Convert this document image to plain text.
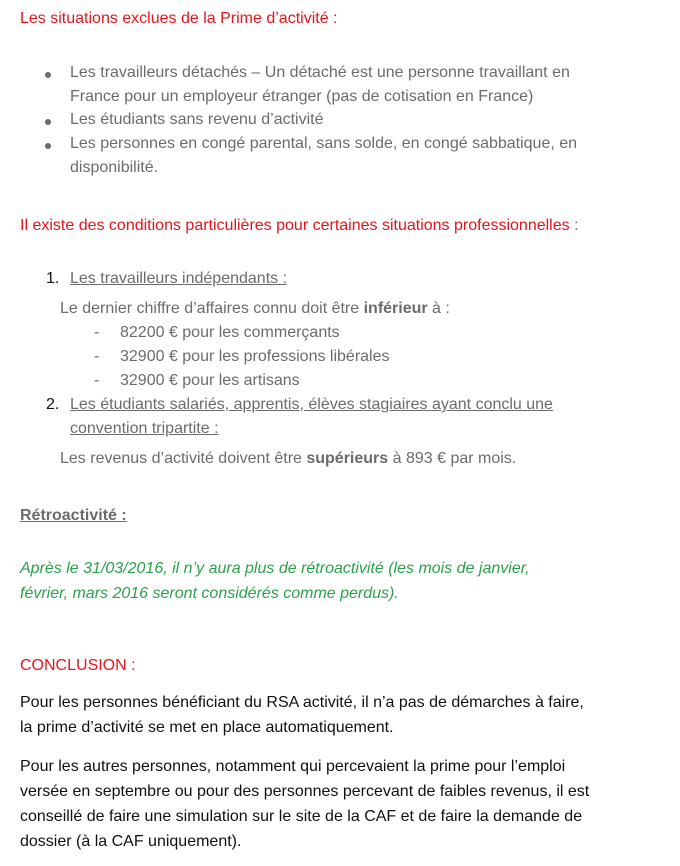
Les situations exclues de la Prime d’activité :
Les travailleurs détachés – Un détaché est une personne travaillant en
France pour un employeur étranger (pas de cotisation en France)
Les étudiants sans revenu d’activité
Les personnes en congé parental, sans solde, en congé sabbatique, en
disponibilité.
Il existe des conditions particulières pour certaines situations professionnelles :
1. Les travailleurs indépendants :
Le dernier chiffre d’affaires connu doit être inférieur à :
- 82200 € pour les commerçants
- 32900 € pour les professions libérales
- 32900 € pour les artisans
2. Les étudiants salariés, apprentis, élèves stagiaires ayant conclu une
convention tripartite :
Les revenus d’activité doivent être supérieurs à 893 € par mois.
Rétroactivité :
Après le 31/03/2016, il n’y aura plus de rétroactivité (les mois de janvier,
février, mars 2016 seront considérés comme perdus).
CONCLUSION :
Pour les personnes bénéficiant du RSA activité, il n’a pas de démarches à faire,
la prime d’activité se met en place automatiquement.
Pour les autres personnes, notamment qui percevaient la prime pour l’emploi
versée en septembre ou pour des personnes percevant de faibles revenus, il est
conseillé de faire une simulation sur le site de la CAF et de faire la demande de
dossier (à la CAF uniquement).
